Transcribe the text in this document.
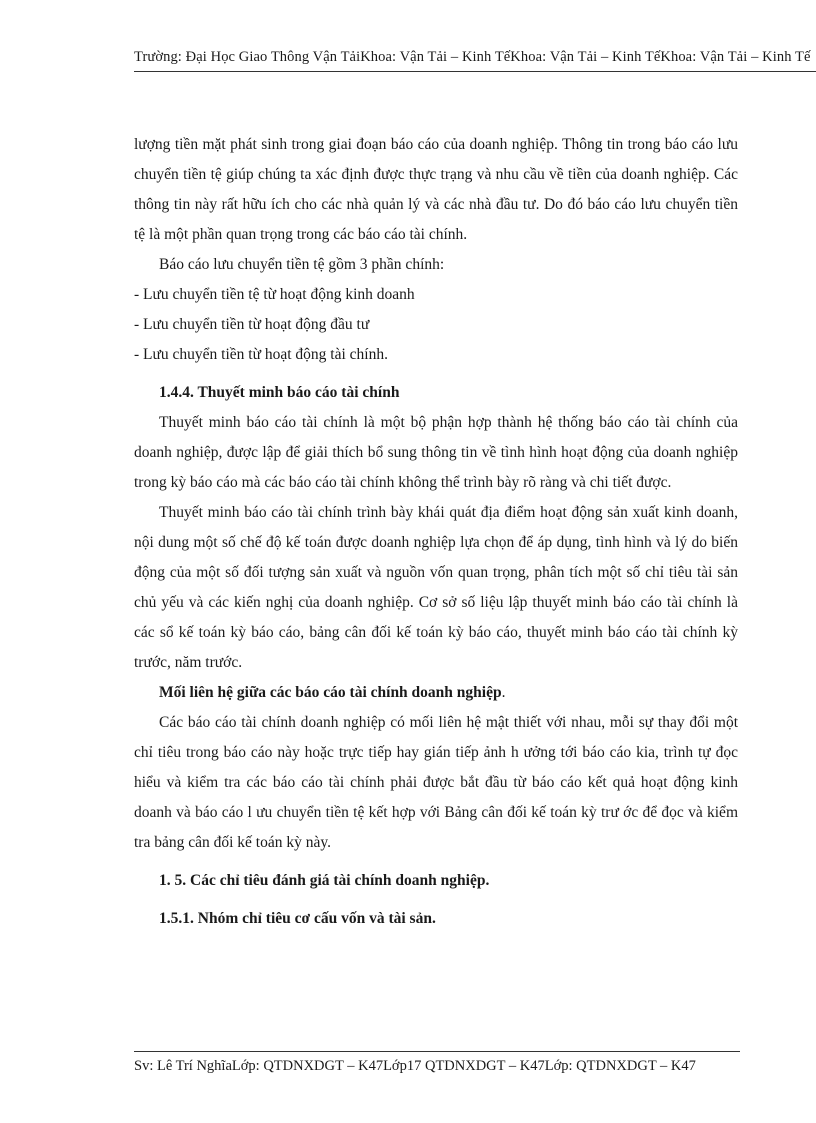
Trường: Đại Học Giao Thông Vận TảiKhoa: Vận Tải – Kinh TếKhoa: Vận Tải – Kinh TếKhoa: Vận Tải – Kinh Tế

lượng tiền mặt phát sinh trong giai đoạn báo cáo của doanh nghiệp. Thông tin trong báo cáo lưu chuyển tiền tệ giúp chúng ta xác định được thực trạng và nhu cầu về tiền của doanh nghiệp. Các thông tin này rất hữu ích cho các nhà quản lý và các nhà đầu tư. Do đó báo cáo lưu chuyển tiền tệ là một phần quan trọng trong các báo cáo tài chính.

Báo cáo lưu chuyển tiền tệ gồm 3 phần chính:

- Lưu chuyển tiền tệ từ hoạt động kinh doanh

- Lưu chuyển tiền từ hoạt động đầu tư

- Lưu chuyển tiền từ hoạt động tài chính.

1.4.4. Thuyết minh báo cáo tài chính

Thuyết minh báo cáo tài chính là một bộ phận hợp thành hệ thống báo cáo tài chính của doanh nghiệp, được lập để giải thích bổ sung thông tin về tình hình hoạt động của doanh nghiệp trong kỳ báo cáo mà các báo cáo tài chính không thể trình bày rõ ràng và chi tiết được.

Thuyết minh báo cáo tài chính trình bày khái quát địa điểm hoạt động sản xuất kinh doanh, nội dung một số chế độ kế toán được doanh nghiệp lựa chọn để áp dụng, tình hình và lý do biến động của một số đối tượng sản xuất và nguồn vốn quan trọng, phân tích một số chỉ tiêu tài sản chủ yếu và các kiến nghị của doanh nghiệp. Cơ sở số liệu lập thuyết minh báo cáo tài chính là các sổ kế toán kỳ báo cáo, bảng cân đối kế toán kỳ báo cáo, thuyết minh báo cáo tài chính kỳ trước, năm trước.

Mối liên hệ giữa các báo cáo tài chính doanh nghiệp.

Các báo cáo tài chính doanh nghiệp có mối liên hệ mật thiết với nhau, mỗi sự thay đổi một chỉ tiêu trong báo cáo này hoặc trực tiếp hay gián tiếp ảnh h ưởng tới báo cáo kia, trình tự đọc hiểu và kiểm tra các báo cáo tài chính phải được bắt đầu từ báo cáo kết quả hoạt động kinh doanh và báo cáo l ưu chuyển tiền tệ kết hợp với Bảng cân đối kế toán kỳ trư ớc để đọc và kiểm tra bảng cân đối kế toán kỳ này.

1. 5. Các chỉ tiêu đánh giá tài chính doanh nghiệp.

1.5.1. Nhóm chỉ tiêu cơ cấu vốn và tài sản.

Sv: Lê Trí NghĩaLớp: QTDNXDGT – K47Lớp17 QTDNXDGT – K47Lớp: QTDNXDGT – K47
